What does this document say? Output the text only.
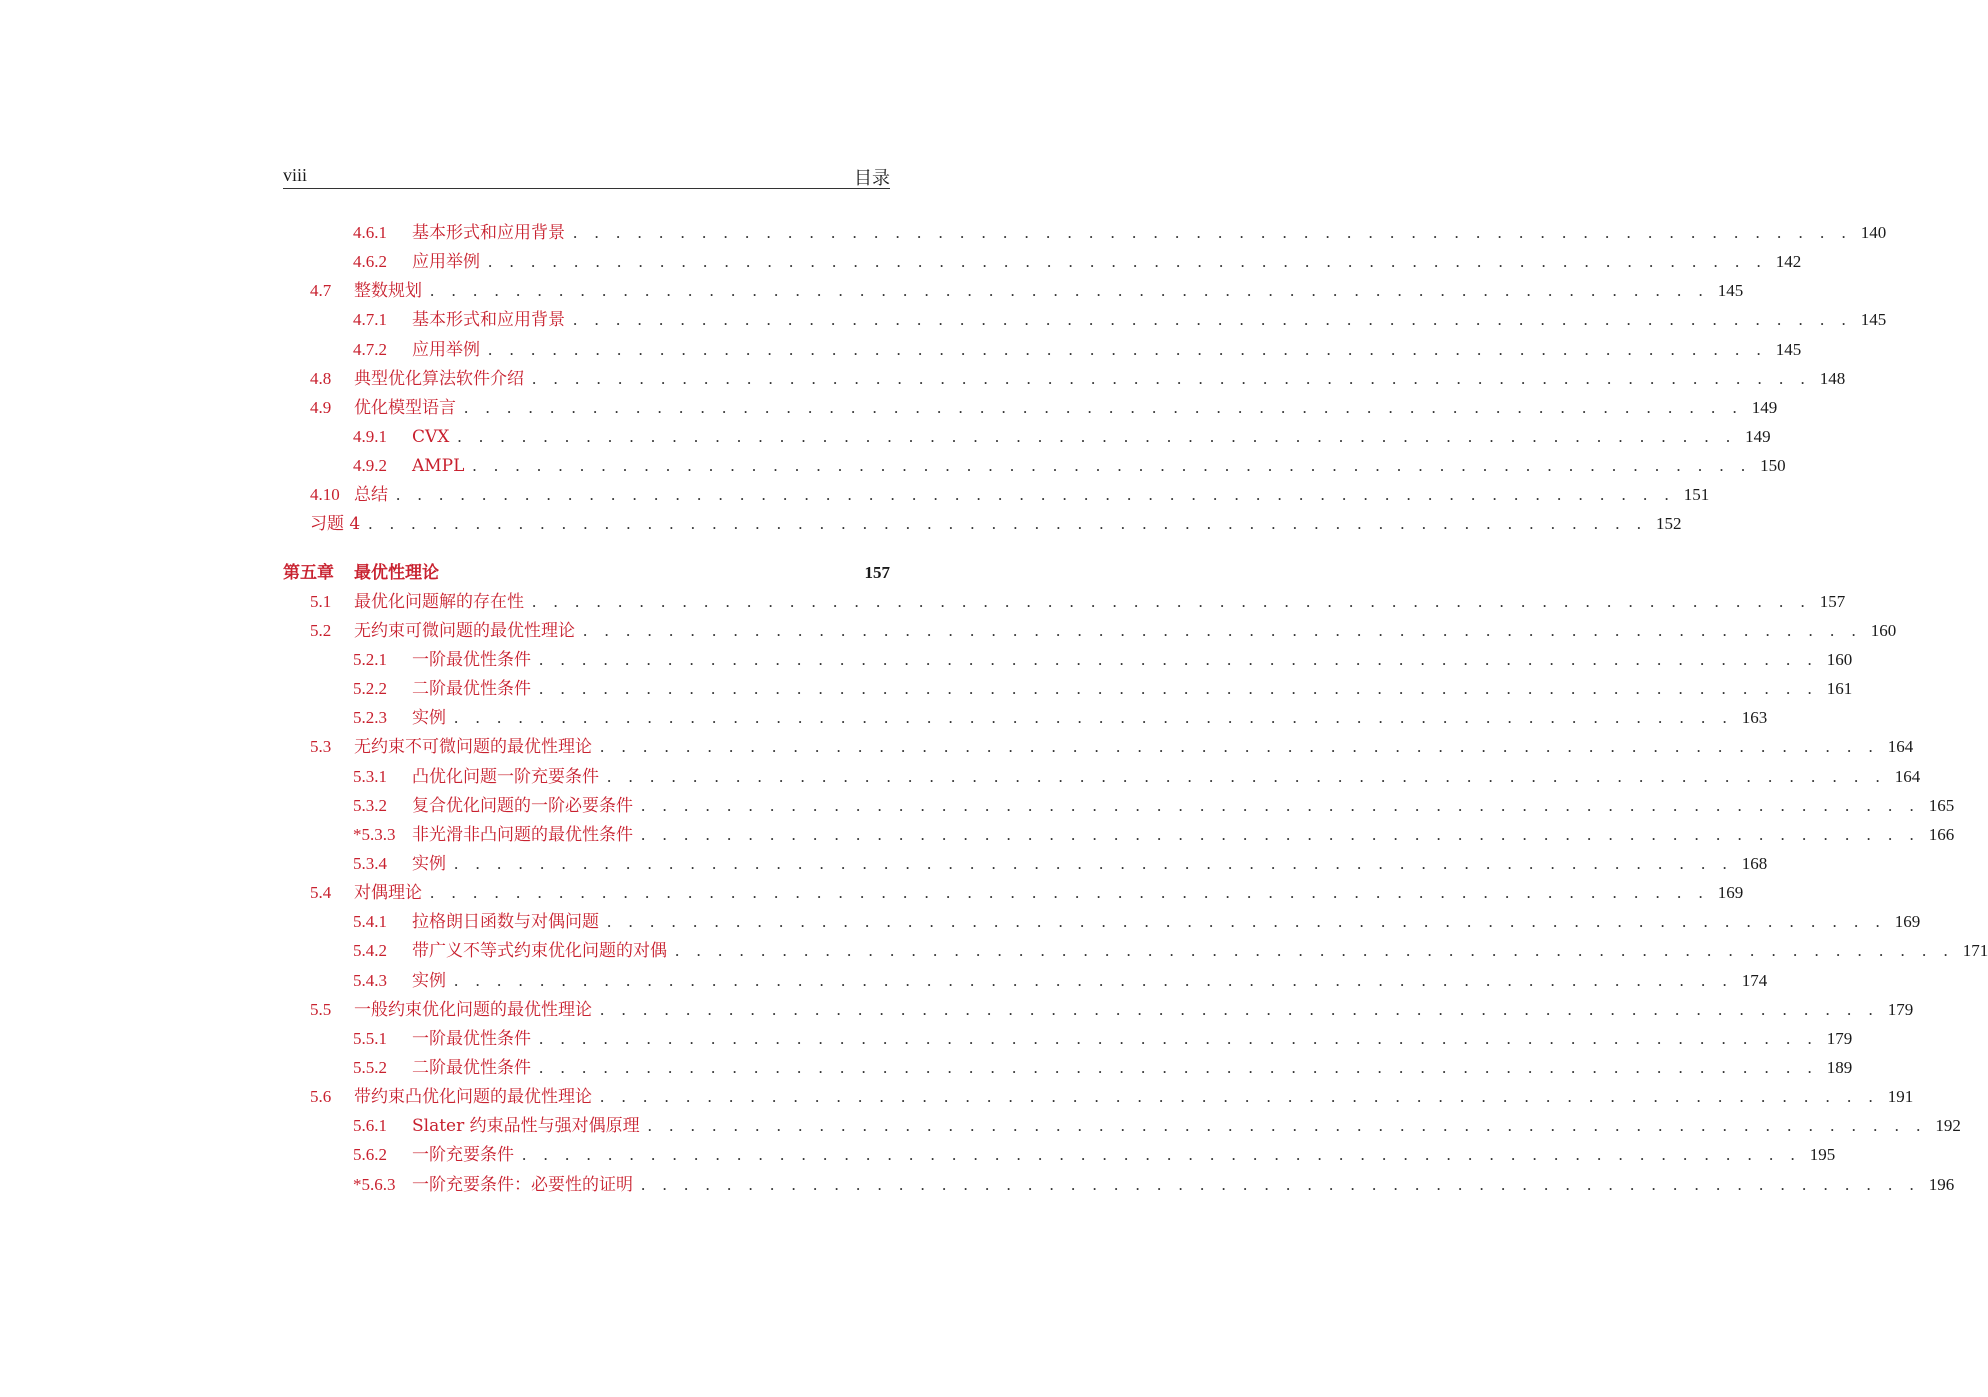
viii	目录
4.6.1	基本形式和应用背景 . . . . . . . . . . . . . . . . . . . . . . . . . . . . . . . . . . . . . . . . . . . . . . . . . . . . . . . . . . . . 140
4.6.2	应用举例 . . . . . . . . . . . . . . . . . . . . . . . . . . . . . . . . . . . . . . . . . . . . . . . . . . . . . . . . . . . . 142
4.7	整数规划 . . . . . . . . . . . . . . . . . . . . . . . . . . . . . . . . . . . . . . . . . . . . . . . . . . . . . . . . . . . . 145
4.7.1	基本形式和应用背景 . . . . . . . . . . . . . . . . . . . . . . . . . . . . . . . . . . . . . . . . . . . . . . . . . . . . . . . . . . . . 145
4.7.2	应用举例 . . . . . . . . . . . . . . . . . . . . . . . . . . . . . . . . . . . . . . . . . . . . . . . . . . . . . . . . . . . . 145
4.8	典型优化算法软件介绍 . . . . . . . . . . . . . . . . . . . . . . . . . . . . . . . . . . . . . . . . . . . . . . . . . . . . . . . . . . . . 148
4.9	优化模型语言 . . . . . . . . . . . . . . . . . . . . . . . . . . . . . . . . . . . . . . . . . . . . . . . . . . . . . . . . . . . . 149
4.9.1	CVX . . . . . . . . . . . . . . . . . . . . . . . . . . . . . . . . . . . . . . . . . . . . . . . . . . . . . . . . . . . . 149
4.9.2	AMPL . . . . . . . . . . . . . . . . . . . . . . . . . . . . . . . . . . . . . . . . . . . . . . . . . . . . . . . . . . . . 150
4.10 总结 . . . . . . . . . . . . . . . . . . . . . . . . . . . . . . . . . . . . . . . . . . . . . . . . . . . . . . . . . . . . 151
习题 4 . . . . . . . . . . . . . . . . . . . . . . . . . . . . . . . . . . . . . . . . . . . . . . . . . . . . . . . . . . . . 152
第五章	最优性理论	157
5.1	最优化问题解的存在性 . . . . . . . . . . . . . . . . . . . . . . . . . . . . . . . . . . . . . . . . . . . . . . . . . . . . . . . . . . . . 157
5.2	无约束可微问题的最优性理论 . . . . . . . . . . . . . . . . . . . . . . . . . . . . . . . . . . . . . . . . . . . . . . . . . . . . . . . . . . . . 160
5.2.1	一阶最优性条件 . . . . . . . . . . . . . . . . . . . . . . . . . . . . . . . . . . . . . . . . . . . . . . . . . . . . . . . . . . . . 160
5.2.2	二阶最优性条件 . . . . . . . . . . . . . . . . . . . . . . . . . . . . . . . . . . . . . . . . . . . . . . . . . . . . . . . . . . . . 161
5.2.3	实例 . . . . . . . . . . . . . . . . . . . . . . . . . . . . . . . . . . . . . . . . . . . . . . . . . . . . . . . . . . . . 163
5.3	无约束不可微问题的最优性理论 . . . . . . . . . . . . . . . . . . . . . . . . . . . . . . . . . . . . . . . . . . . . . . . . . . . . . . . . . . . . 164
5.3.1	凸优化问题一阶充要条件 . . . . . . . . . . . . . . . . . . . . . . . . . . . . . . . . . . . . . . . . . . . . . . . . . . . . . . . . . . . . 164
5.3.2	复合优化问题的一阶必要条件 . . . . . . . . . . . . . . . . . . . . . . . . . . . . . . . . . . . . . . . . . . . . . . . . . . . . . . . . . . . . 165
*5.3.3 非光滑非凸问题的最优性条件 . . . . . . . . . . . . . . . . . . . . . . . . . . . . . . . . . . . . . . . . . . . . . . . . . . . . . . . . . . . . 166
5.3.4	实例 . . . . . . . . . . . . . . . . . . . . . . . . . . . . . . . . . . . . . . . . . . . . . . . . . . . . . . . . . . . . 168
5.4	对偶理论 . . . . . . . . . . . . . . . . . . . . . . . . . . . . . . . . . . . . . . . . . . . . . . . . . . . . . . . . . . . . 169
5.4.1	拉格朗日函数与对偶问题 . . . . . . . . . . . . . . . . . . . . . . . . . . . . . . . . . . . . . . . . . . . . . . . . . . . . . . . . . . . . 169
5.4.2	带广义不等式约束优化问题的对偶 . . . . . . . . . . . . . . . . . . . . . . . . . . . . . . . . . . . . . . . . . . . . . . . . . . . . . . . . . . . . 171
5.4.3	实例 . . . . . . . . . . . . . . . . . . . . . . . . . . . . . . . . . . . . . . . . . . . . . . . . . . . . . . . . . . . . 174
5.5	一般约束优化问题的最优性理论 . . . . . . . . . . . . . . . . . . . . . . . . . . . . . . . . . . . . . . . . . . . . . . . . . . . . . . . . . . . . 179
5.5.1	一阶最优性条件 . . . . . . . . . . . . . . . . . . . . . . . . . . . . . . . . . . . . . . . . . . . . . . . . . . . . . . . . . . . . 179
5.5.2	二阶最优性条件 . . . . . . . . . . . . . . . . . . . . . . . . . . . . . . . . . . . . . . . . . . . . . . . . . . . . . . . . . . . . 189
5.6	带约束凸优化问题的最优性理论 . . . . . . . . . . . . . . . . . . . . . . . . . . . . . . . . . . . . . . . . . . . . . . . . . . . . . . . . . . . . 191
5.6.1	Slater 约束品性与强对偶原理 . . . . . . . . . . . . . . . . . . . . . . . . . . . . . . . . . . . . . . . . . . . . . . . . . . . . . . . . . . . . 192
5.6.2	一阶充要条件 . . . . . . . . . . . . . . . . . . . . . . . . . . . . . . . . . . . . . . . . . . . . . . . . . . . . . . . . . . . . 195
*5.6.3 一阶充要条件：必要性的证明 . . . . . . . . . . . . . . . . . . . . . . . . . . . . . . . . . . . . . . . . . . . . . . . . . . . . . . . . . . . . 196
